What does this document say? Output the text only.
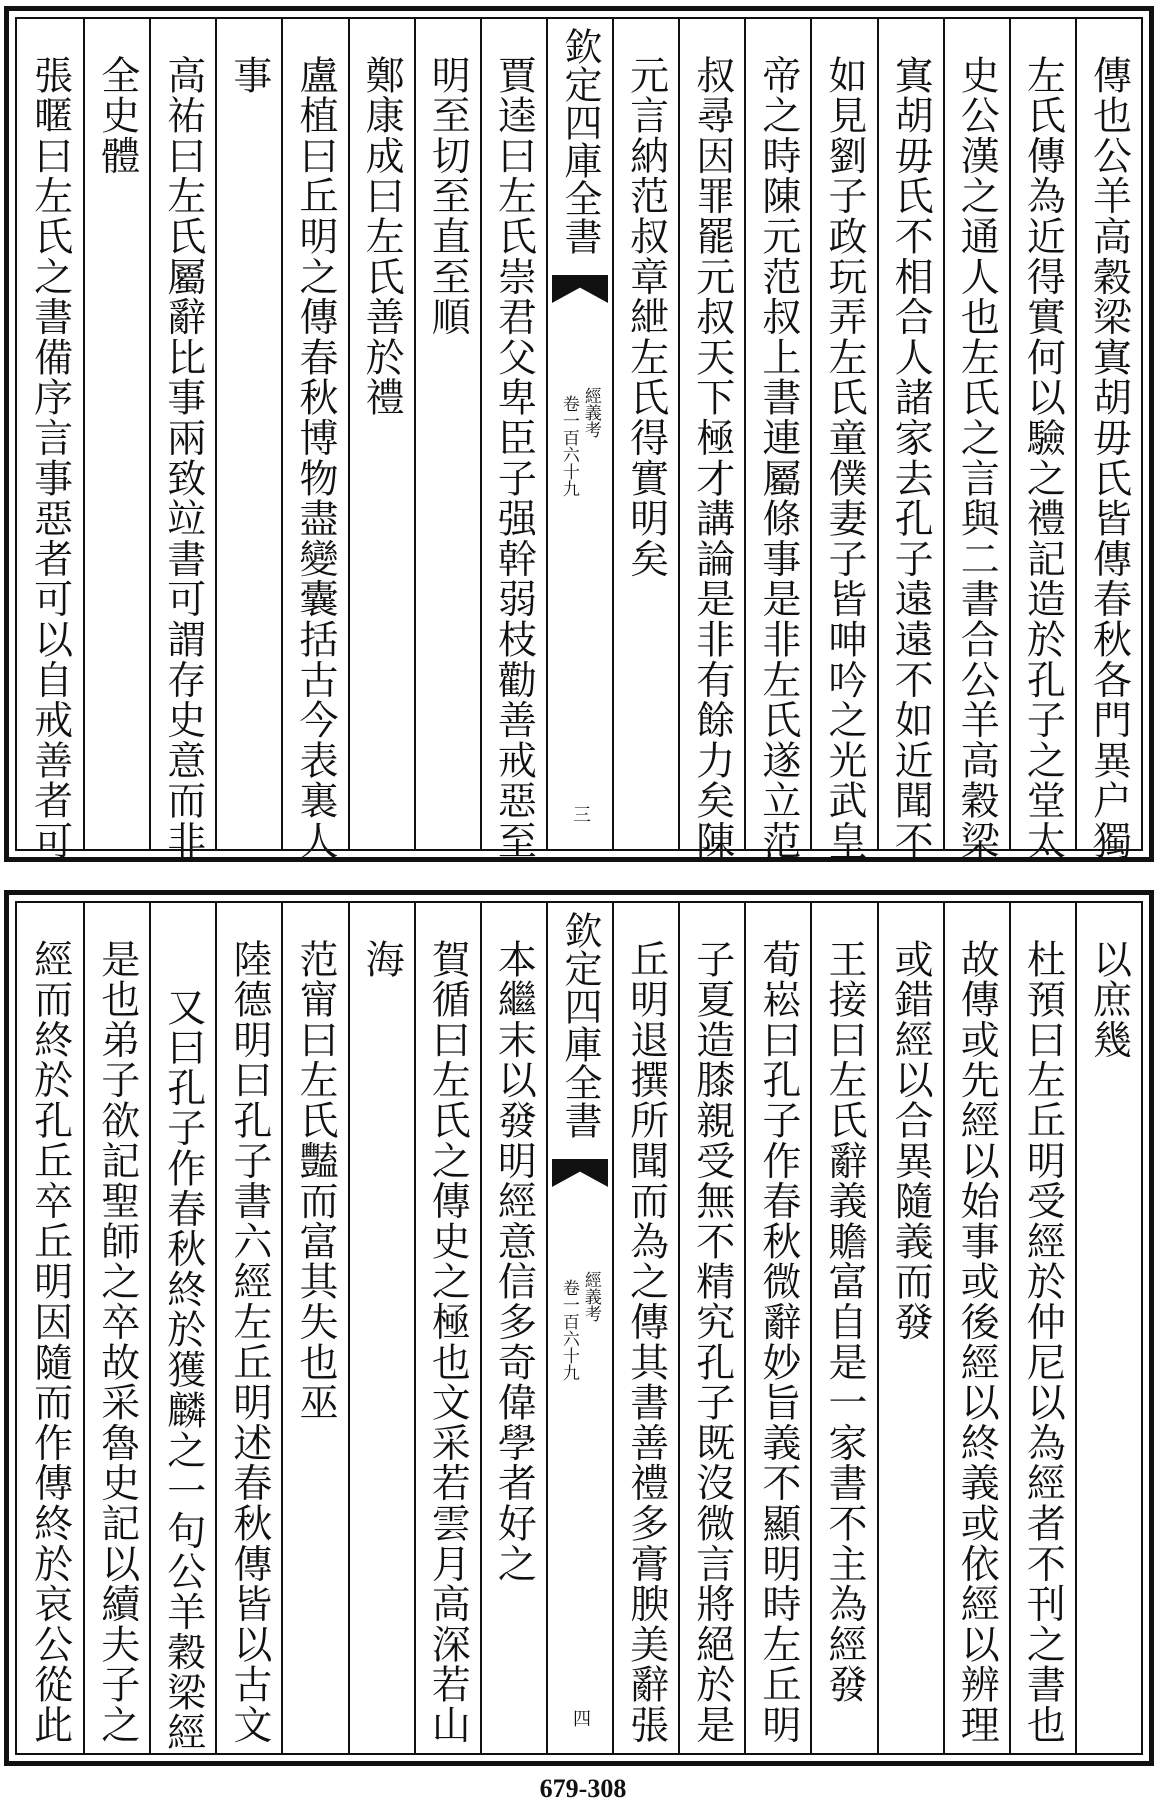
傳也公羊高穀梁寘胡毋氏皆傳春秋各門異户獨
左氏傳為近得實何以驗之禮記造於孔子之堂太
史公漢之通人也左氏之言與二書合公羊高穀梁
寘胡毋氏不相合人諸家去孔子遠遠不如近聞不
如見劉子政玩弄左氏童僕妻子皆呻吟之光武皇
帝之時陳元范叔上書連屬條事是非左氏遂立范
叔尋因罪罷元叔天下極才講論是非有餘力矣陳
元言納范叔章紲左氏得實明矣
欽定四庫全書
經義考
卷一百六十九
三
賈逵曰左氏崇君父卑臣子强幹弱枝勸善戒惡至
明至切至直至順
鄭康成曰左氏善於禮
盧植曰丘明之傳春秋博物盡變囊括古今表裏人
事
高祐曰左氏屬辭比事兩致竝書可謂存史意而非
全史體
張暱曰左氏之書備序言事惡者可以自戒善者可
以庶幾
杜預曰左丘明受經於仲尼以為經者不刊之書也
故傳或先經以始事或後經以終義或依經以辨理
或錯經以合異隨義而發
王接曰左氏辭義贍富自是一家書不主為經發
荀崧曰孔子作春秋微辭妙旨義不顯明時左丘明
子夏造膝親受無不精究孔子既沒微言將絕於是
丘明退撰所聞而為之傳其書善禮多膏腴美辭張
欽定四庫全書
經義考
卷一百六十九
四
本繼末以發明經意信多奇偉學者好之
賀循曰左氏之傳史之極也文采若雲月高深若山
海
范甯曰左氏豔而富其失也巫
陸德明曰孔子書六經左丘明述春秋傳皆以古文
又曰孔子作春秋終於獲麟之一句公羊穀梁經
是也弟子欲記聖師之卒故采魯史記以續夫子之
經而終於孔丘卒丘明因隨而作傳終於哀公從此
679-308
